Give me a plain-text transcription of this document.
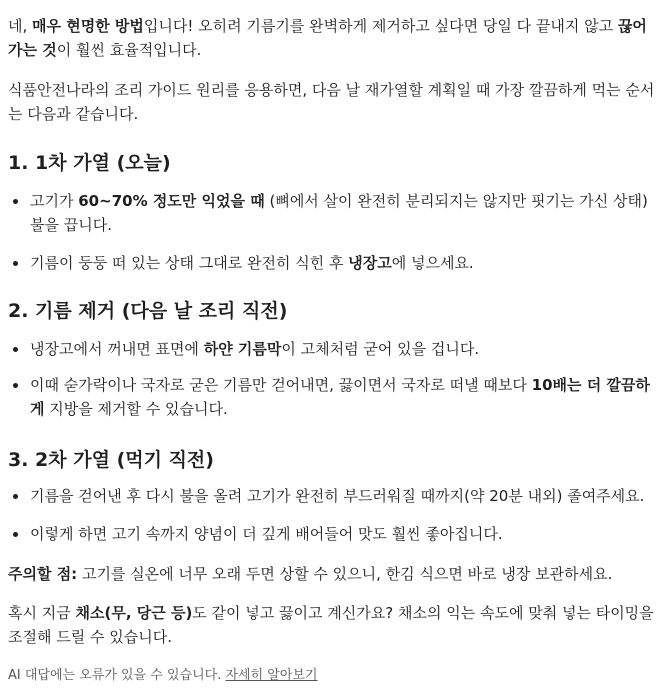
네, 매우 현명한 방법입니다! 오히려 기름기를 완벽하게 제거하고 싶다면 당일 다 끝내지 않고 끊어 가는 것이 훨씬 효율적입니다.

식품안전나라의 조리 가이드 원리를 응용하면, 다음 날 재가열할 계획일 때 가장 깔끔하게 먹는 순서는 다음과 같습니다.

1. 1차 가열 (오늘)
고기가 60~70% 정도만 익었을 때 (뼈에서 살이 완전히 분리되지는 않지만 핏기는 가신 상태) 불을 끕니다.
기름이 둥둥 떠 있는 상태 그대로 완전히 식힌 후 냉장고에 넣으세요.
2. 기름 제거 (다음 날 조리 직전)
냉장고에서 꺼내면 표면에 하얀 기름막이 고체처럼 굳어 있을 겁니다.
이때 숟가락이나 국자로 굳은 기름만 걷어내면, 끓이면서 국자로 떠낼 때보다 10배는 더 깔끔하게 지방을 제거할 수 있습니다.
3. 2차 가열 (먹기 직전)
기름을 걷어낸 후 다시 불을 올려 고기가 완전히 부드러워질 때까지(약 20분 내외) 졸여주세요.
이렇게 하면 고기 속까지 양념이 더 깊게 배어들어 맛도 훨씬 좋아집니다.

주의할 점: 고기를 실온에 너무 오래 두면 상할 수 있으니, 한김 식으면 바로 냉장 보관하세요.

혹시 지금 채소(무, 당근 등)도 같이 넣고 끓이고 계신가요? 채소의 익는 속도에 맞춰 넣는 타이밍을 조절해 드릴 수 있습니다.

AI 대답에는 오류가 있을 수 있습니다. 자세히 알아보기
